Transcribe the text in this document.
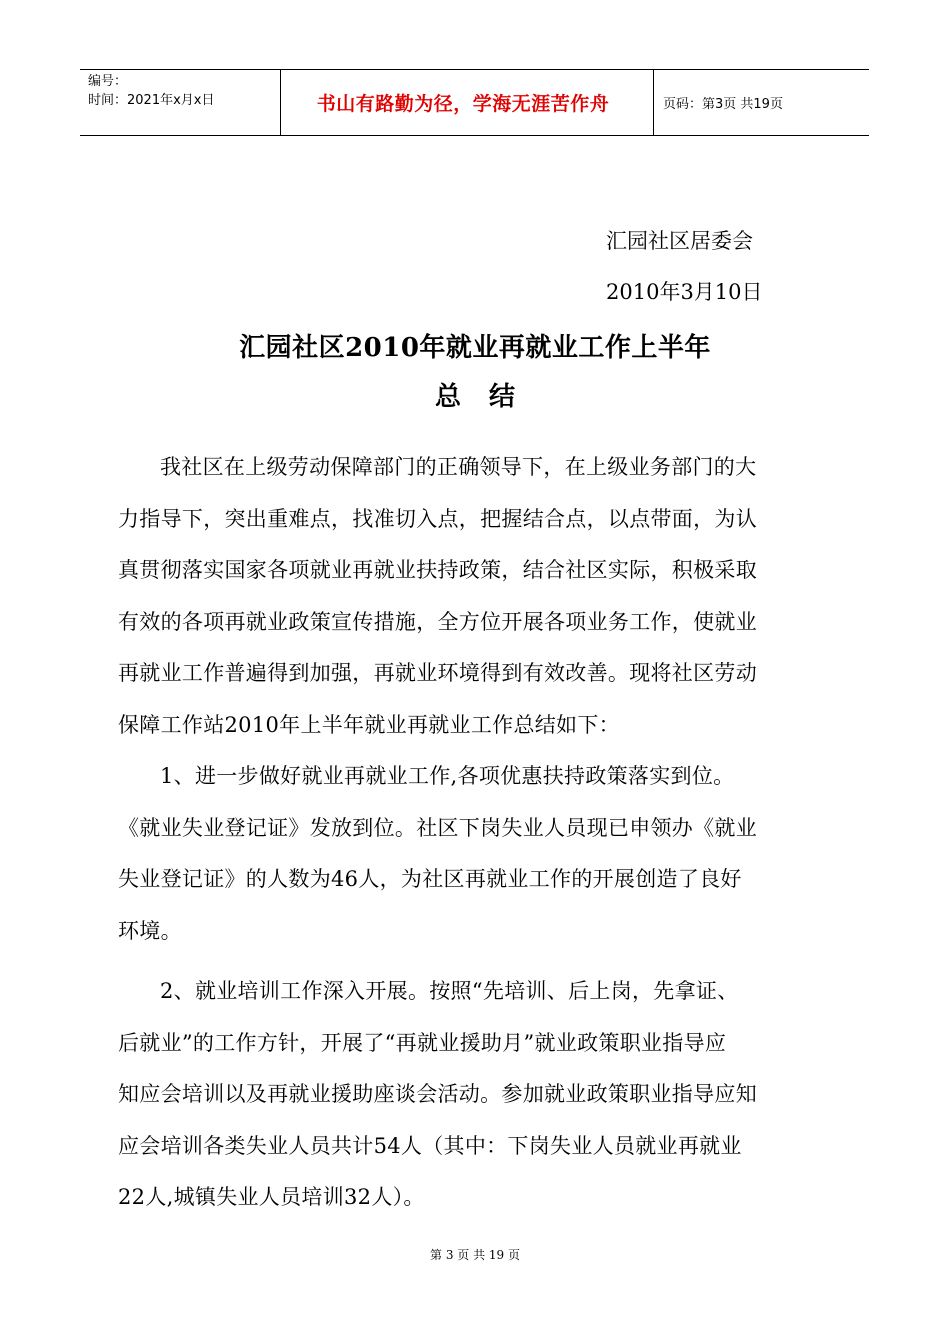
编号：
时间：2021年x月x日	书山有路勤为径，学海无涯苦作舟	页码：第3页 共19页
汇园社区居委会
2010年3月10日
汇园社区2010年就业再就业工作上半年
总结
我社区在上级劳动保障部门的正确领导下，在上级业务部门的大
力指导下，突出重难点，找准切入点，把握结合点，以点带面，为认
真贯彻落实国家各项就业再就业扶持政策，结合社区实际，积极采取
有效的各项再就业政策宣传措施，全方位开展各项业务工作，使就业
再就业工作普遍得到加强，再就业环境得到有效改善。现将社区劳动
保障工作站2010年上半年就业再就业工作总结如下：
1、进一步做好就业再就业工作,各项优惠扶持政策落实到位。
《就业失业登记证》发放到位。社区下岗失业人员现已申领办《就业
失业登记证》的人数为46人，为社区再就业工作的开展创造了良好
环境。
2、就业培训工作深入开展。按照“先培训、后上岗，先拿证、
后就业”的工作方针，开展了“再就业援助月”就业政策职业指导应
知应会培训以及再就业援助座谈会活动。参加就业政策职业指导应知
应会培训各类失业人员共计54人（其中：下岗失业人员就业再就业
22人,城镇失业人员培训32人）。
第 3 页 共 19 页
